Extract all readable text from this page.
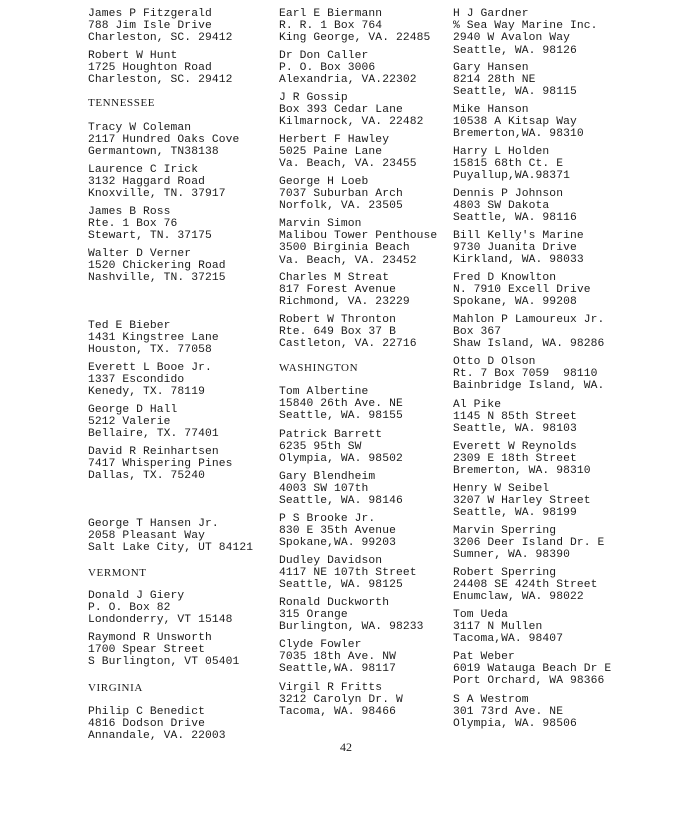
42
James P Fitzgerald
788 Jim Isle Drive
Charleston, SC. 29412
Robert W Hunt
1725 Houghton Road
Charleston, SC. 29412
TENNESSEE
Tracy W Coleman
2117 Hundred Oaks Cove
Germantown, TN38138
Laurence C Irick
3132 Haggard Road
Knoxville, TN. 37917
James B Ross
Rte. 1 Box 76
Stewart, TN. 37175
Walter D Verner
1520 Chickering Road
Nashville, TN. 37215
Ted E Bieber
1431 Kingstree Lane
Houston, TX. 77058
Everett L Booe Jr.
1337 Escondido
Kenedy, TX. 78119
George D Hall
5212 Valerie
Bellaire, TX. 77401
David R Reinhartsen
7417 Whispering Pines
Dallas, TX. 75240
George T Hansen Jr.
2058 Pleasant Way
Salt Lake City, UT 84121
VERMONT
Donald J Giery
P. O. Box 82
Londonderry, VT 15148
Raymond R Unsworth
1700 Spear Street
S Burlington, VT 05401
VIRGINIA
Philip C Benedict
4816 Dodson Drive
Annandale, VA. 22003
Earl E Biermann
R. R. 1 Box 764
King George, VA. 22485
Dr Don Caller
P. O. Box 3006
Alexandria, VA.22302
J R Gossip
Box 393 Cedar Lane
Kilmarnock, VA. 22482
Herbert F Hawley
5025 Paine Lane
Va. Beach, VA. 23455
George H Loeb
7037 Suburban Arch
Norfolk, VA. 23505
Marvin Simon
Malibou Tower Penthouse
3500 Birginia Beach
Va. Beach, VA. 23452
Charles M Streat
817 Forest Avenue
Richmond, VA. 23229
Robert W Thronton
Rte. 649 Box 37 B
Castleton, VA. 22716
WASHINGTON
Tom Albertine
15840 26th Ave. NE
Seattle, WA. 98155
Patrick Barrett
6235 95th SW
Olympia, WA. 98502
Gary Blendheim
4003 SW 107th
Seattle, WA. 98146
P S Brooke Jr.
830 E 35th Avenue
Spokane,WA. 99203
Dudley Davidson
4117 NE 107th Street
Seattle, WA. 98125
Ronald Duckworth
315 Orange
Burlington, WA. 98233
Clyde Fowler
7035 18th Ave. NW
Seattle,WA. 98117
Virgil R Fritts
3212 Carolyn Dr. W
Tacoma, WA. 98466
H J Gardner
% Sea Way Marine Inc.
2940 W Avalon Way
Seattle, WA. 98126
Gary Hansen
8214 28th NE
Seattle, WA. 98115
Mike Hanson
10538 A Kitsap Way
Bremerton,WA. 98310
Harry L Holden
15815 68th Ct. E
Puyallup,WA.98371
Dennis P Johnson
4803 SW Dakota
Seattle, WA. 98116
Bill Kelly's Marine
9730 Juanita Drive
Kirkland, WA. 98033
Fred D Knowlton
N. 7910 Excell Drive
Spokane, WA. 99208
Mahlon P Lamoureux Jr.
Box 367
Shaw Island, WA. 98286
Otto D Olson
Rt. 7 Box 7059  98110
Bainbridge Island, WA.
Al Pike
1145 N 85th Street
Seattle, WA. 98103
Everett W Reynolds
2309 E 18th Street
Bremerton, WA. 98310
Henry W Seibel
3207 W Harley Street
Seattle, WA. 98199
Marvin Sperring
3206 Deer Island Dr. E
Sumner, WA. 98390
Robert Sperring
24408 SE 424th Street
Enumclaw, WA. 98022
Tom Ueda
3117 N Mullen
Tacoma,WA. 98407
Pat Weber
6019 Watauga Beach Dr E
Port Orchard, WA 98366
S A Westrom
301 73rd Ave. NE
Olympia, WA. 98506
